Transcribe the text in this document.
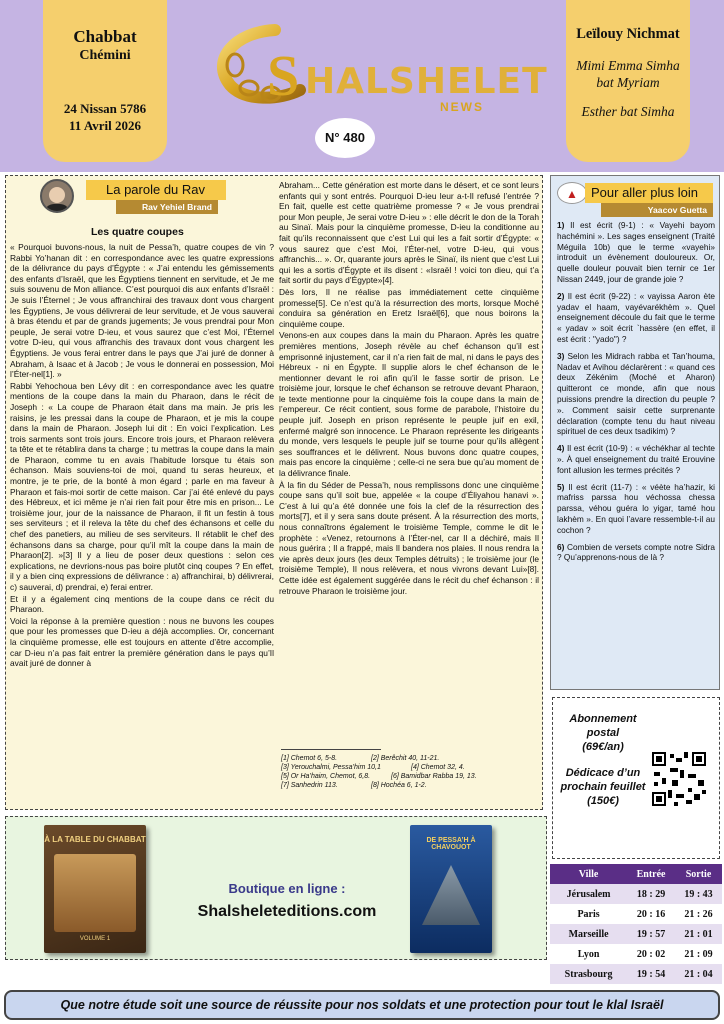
Chabbat
Chémini
24 Nissan 5786
11 Avril 2026
S HALSHELET
NEWS
N° 480
Leïlouy Nichmat
Mimi Emma Simha bat Myriam
Esther bat Simha
La parole du Rav
Rav Yehiel Brand
Les quatre coupes

« Pourquoi buvons-nous, la nuit de Pessa’h, quatre coupes de vin ? Rabbi Yo’hanan dit : en correspondance avec les quatre expressions de la délivrance du pays d’Égypte : « J’ai entendu les gémissements des enfants d’Israël, que les Égyptiens tiennent en servitude, et Je me suis souvenu de Mon alliance. C’est pourquoi dis aux enfants d’Israël : Je suis l’Éternel ; Je vous affranchirai des travaux dont vous chargent les Égyptiens, Je vous délivrerai de leur servitude, et Je vous sauverai à bras étendu et par de grands jugements; Je vous prendrai pour Mon peuple, Je serai votre D-ieu, et vous saurez que c’est Moi, l’Éternel votre D-ieu, qui vous affranchis des travaux dont vous chargent les Égyptiens. Je vous ferai entrer dans le pays que J’ai juré de donner à Abraham, à Isaac et à Jacob ; Je vous le donnerai en possession, Moi l’Éter-nel[1]. »

Rabbi Yehochoua ben Lévy dit : en correspondance avec les quatre mentions de la coupe dans la main du Pharaon, dans le récit de Joseph : « La coupe de Pharaon était dans ma main. Je pris les raisins, je les pressai dans la coupe de Pharaon, et je mis la coupe dans la main de Pharaon. Joseph lui dit : En voici l’explication. Les trois sarments sont trois jours. Encore trois jours, et Pharaon relèvera ta tête et te rétablira dans ta charge ; tu mettras la coupe dans la main de Pharaon, comme tu en avais l’habitude lorsque tu étais son échanson. Mais souviens-toi de moi, quand tu seras heureux, et montre, je te prie, de la bonté à mon égard ; parle en ma faveur à Pharaon et fais-moi sortir de cette maison. Car j’ai été enlevé du pays des Hébreux, et ici même je n’ai rien fait pour être mis en prison... Le troisième jour, jour de la naissance de Pharaon, il fit un festin à tous ses serviteurs ; et il releva la tête du chef des échansons et celle du chef des panetiers, au milieu de ses serviteurs. Il rétablit le chef des échansons dans sa charge, pour qu’il mît la coupe dans la main de Pharaon[2]. »[3] Il y a lieu de poser deux questions : selon ces explications, ne devrions-nous pas boire plutôt cinq coupes ? En effet, il y a bien cinq expressions de délivrance : a) affranchirai, b) délivrerai, c) sauverai, d) prendrai, e) ferai entrer.

Et il y a également cinq mentions de la coupe dans ce récit du Pharaon.

Voici la réponse à la première question : nous ne buvons les coupes que pour les promesses que D-ieu a déjà accomplies. Or, concernant la cinquième promesse, elle est toujours en attente d’être accomplie, car D-ieu n’a pas fait entrer la première génération dans le pays qu’Il avait juré de donner à

Abraham... Cette génération est morte dans le désert, et ce sont leurs enfants qui y sont entrés. Pourquoi D-ieu leur a-t-Il refusé l’entrée ? En fait, quelle est cette quatrième promesse ? « Je vous prendrai pour Mon peuple, Je serai votre D-ieu » : elle décrit le don de la Torah au Sinaï. Mais pour la cinquième promesse, D-ieu la conditionne au fait qu’ils reconnaissent que c’est Lui qui les a fait sortir d’Égypte: « vous saurez que c’est Moi, l’Éter-nel, votre D-ieu, qui vous affranchis... ». Or, quarante jours après le Sinaï, ils nient que c’est Lui qui les a sortis d’Égypte et ils disent : «Israël ! voici ton dieu, qui t’a fait sortir du pays d’Égypte»[4].

Dès lors, Il ne réalise pas immédiatement cette cinquième promesse[5]. Ce n’est qu’à la résurrection des morts, lorsque Moché conduira sa génération en Eretz Israël[6], que nous boirons la cinquième coupe.

Venons-en aux coupes dans la main du Pharaon. Après les quatre premières mentions, Joseph révèle au chef échanson qu’il est emprisonné injustement, car il n’a rien fait de mal, ni dans le pays des Hébreux - ni en Égypte. Il supplie alors le chef échanson de le mentionner devant le roi afin qu’il le fasse sortir de prison. Le troisième jour, lorsque le chef échanson se retrouve devant Pharaon, le texte mentionne pour la cinquième fois la coupe dans la main de l’empereur. Ce récit contient, sous forme de parabole, l’histoire du peuple juif. Joseph en prison représente le peuple juif en exil, enfermé malgré son innocence. Le Pharaon représente les dirigeants du monde, vers lesquels le peuple juif se tourne pour qu’ils allègent ses souffrances et le délivrent. Nous buvons donc quatre coupes, mais pas encore la cinquième ; celle-ci ne sera bue qu’au moment de la délivrance finale.

À la fin du Séder de Pessa’h, nous remplissons donc une cinquième coupe sans qu’il soit bue, appelée « la coupe d’Éliyahou hanavi ». C’est à lui qu’a été donnée une fois la clef de la résurrection des morts[7], et il y sera sans doute présent. À la résurrection des morts, nous connaîtrons également le troisième Temple, comme le dit le prophète : «Venez, retournons à l’Éter-nel, car Il a déchiré, mais Il nous guérira ; Il a frappé, mais Il bandera nos plaies. Il nous rendra la vie après deux jours (les deux Temples détruits) ; le troisième jour (le troisième Temple), Il nous relèvera, et nous vivrons devant Lui»[8]. Cette idée est également suggérée dans le récit du chef échanson : il retrouve Pharaon le troisième jour.

[1] Chemot 6, 5-8.	[2] Berêchit 40, 11-21.
[3] Yerouchalmi, Pessa’him 10,1	[4] Chemot 32, 4.
[5] Or Ha’haim, Chemot, 6,8.	[6] Bamidbar Rabba 19, 13.
[7] Sanhedrin 113.	[8] Hochéa 6, 1-2.
▲	Pour aller plus loin
Yaacov Guetta

1) Il est écrit (9-1) : « Vayehi bayom hachémini ». Les sages enseignent (Traité Méguila 10b) que le terme «vayehi» introduit un évènement douloureux. Or, quelle douleur pouvait bien ternir ce 1er Nissan 2449, jour de grande joie ?

2) Il est écrit (9-22) : « vayissa Aaron ète yadav el haam, vayévarékhèm ». Quel enseignement découle du fait que le terme « yadav » soit écrit `hassère (en effet, il est écrit : "yado") ?

3) Selon les Midrach rabba et Tan’houma, Nadav et Avihou déclarèrent : « quand ces deux Zékénim (Moché et Aharon) quitteront ce monde, afin que nous puissions prendre la direction du peuple ? ». Comment saisir cette surprenante déclaration (compte tenu du haut niveau spirituel de ces deux tsadikim) ?

4) Il est écrit (10-9) : « véchékhar al techte ». À quel enseignement du traité Erouvine font allusion les termes précités ?

5) Il est écrit (11-7) : « véète ha’hazir, ki mafriss parssa hou véchossa chessa parssa, véhou guéra lo yigar, tamé hou lakhèm ». En quoi l’avare ressemble-t-il au cochon ?

6) Combien de versets compte notre Sidra ? Qu’apprenons-nous de là ?

Abonnement postal
(69€/an)
Dédicace d’un prochain feuillet
(150€)
À LA TABLE DU CHABBAT
VOLUME 1
Boutique en ligne :
Shalsheleteditions.com
DE PESSA’H À CHAVOUOT
Ville	Entrée	Sortie
Jérusalem	18 : 29	19 : 43
Paris	20 : 16	21 : 26
Marseille	19 : 57	21 : 01
Lyon	20 : 02	21 : 09
Strasbourg	19 : 54	21 : 04
Que notre étude soit une source de réussite pour nos soldats et une protection pour tout le klal Israël
